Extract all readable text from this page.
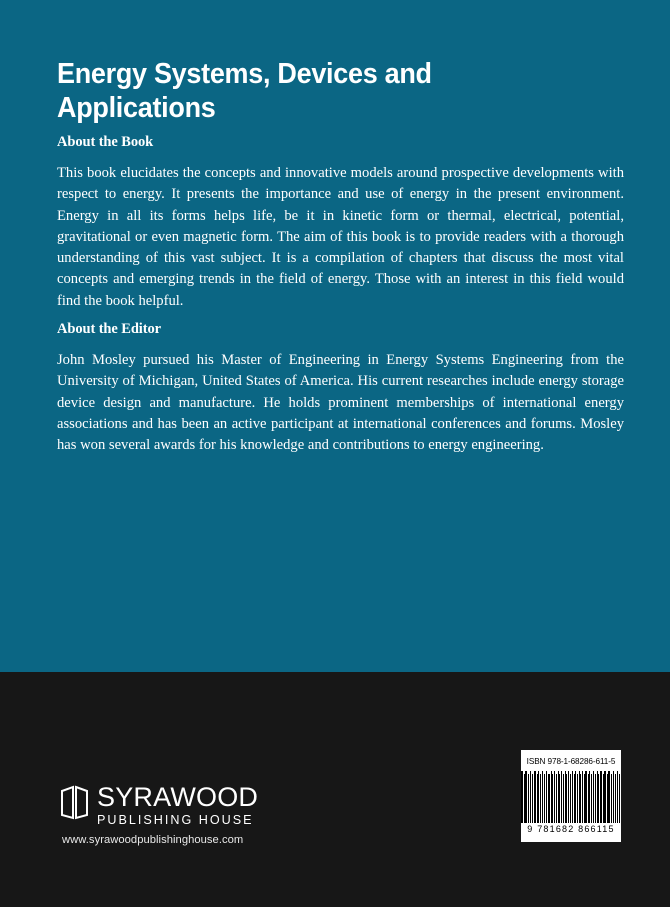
Energy Systems, Devices and Applications
About the Book

This book elucidates the concepts and innovative models around prospective developments with respect to energy. It presents the importance and use of energy in the present environment. Energy in all its forms helps life, be it in kinetic form or thermal, electrical, potential, gravitational or even magnetic form. The aim of this book is to provide readers with a thorough understanding of this vast subject. It is a compilation of chapters that discuss the most vital concepts and emerging trends in the field of energy. Those with an interest in this field would find the book helpful.

About the Editor

John Mosley pursued his Master of Engineering in Energy Systems Engineering from the University of Michigan, United States of America. His current researches include energy storage device design and manufacture. He holds prominent memberships of international energy associations and has been an active participant at international conferences and forums. Mosley has won several awards for his knowledge and contributions to energy engineering.

SYRAWOOD
PUBLISHING HOUSE
www.syrawoodpublishinghouse.com
ISBN 978-1-68286-611-5
9 781682 866115
